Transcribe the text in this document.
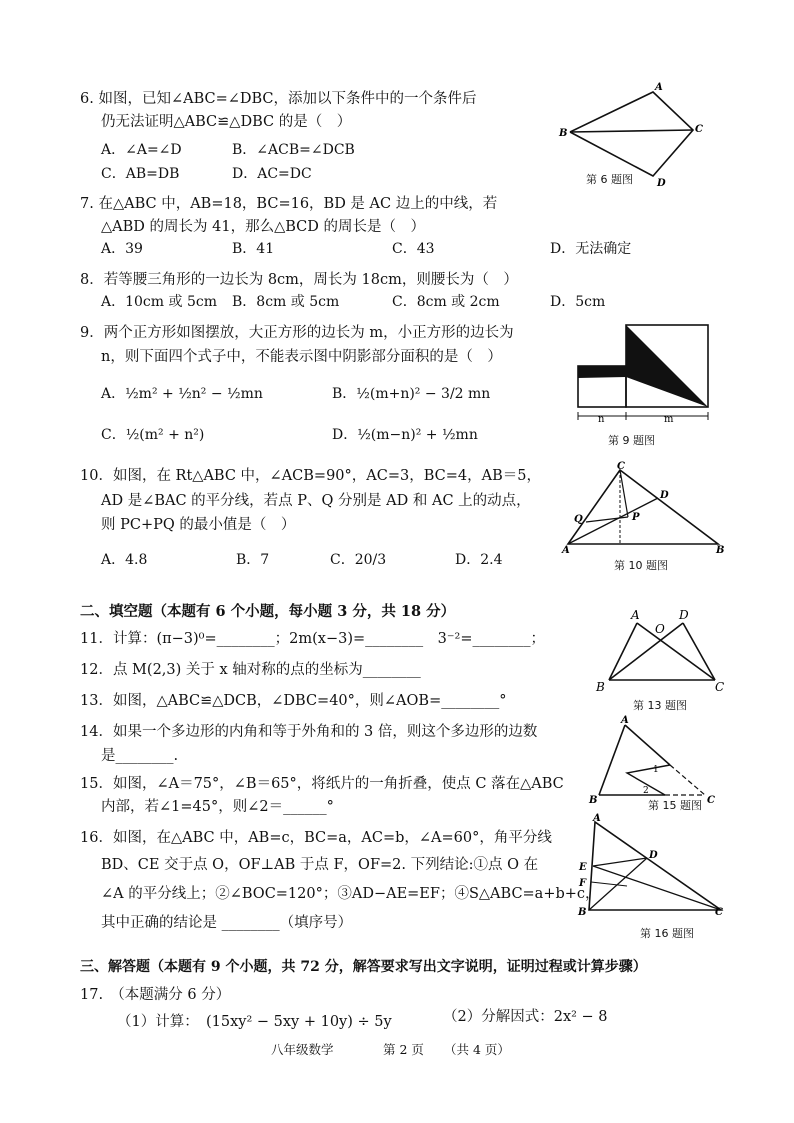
6. 如图，已知∠ABC=∠DBC，添加以下条件中的一个条件后
仍无法证明△ABC≌△DBC 的是（　）
A．∠A=∠D	B．∠ACB=∠DCB
C．AB=DB	D．AC=DC
A
B	C
D
第 6 题图
7. 在△ABC 中，AB=18，BC=16，BD 是 AC 边上的中线，若
△ABD 的周长为 41，那么△BCD 的周长是（　）
A．39	B．41	C．43	D．无法确定
8．若等腰三角形的一边长为 8cm，周长为 18cm，则腰长为（　）
A．10cm 或 5cm B．8cm 或 5cm	C．8cm 或 2cm	D．5cm
9．两个正方形如图摆放，大正方形的边长为 m，小正方形的边长为
n，则下面四个式子中，不能表示图中阴影部分面积的是（　）
A．½m² + ½n² − ½mn	B．½(m+n)² − 3/2 mn
C．½(m² + n²)	D．½(m−n)² + ½mn
n	m
第 9 题图
10．如图，在 Rt△ABC 中，∠ACB=90°，AC=3，BC=4，AB＝5，
AD 是∠BAC 的平分线，若点 P、Q 分别是 AD 和 AC 上的动点，
则 PC+PQ 的最小值是（　）
A．4.8	B．7	C．20/3	D．2.4
C
D
Q	P
A	B
第 10 题图
二、填空题（本题有 6 个小题，每小题 3 分，共 18 分）
11．计算：(π−3)⁰=________；2m(x−3)=________　3⁻²=________；
12．点 M(2,3) 关于 x 轴对称的点的坐标为________
13．如图，△ABC≌△DCB，∠DBC=40°，则∠AOB=________°
A
O
D
B	C
第 13 题图
14．如果一个多边形的内角和等于外角和的 3 倍，则这个多边形的边数
是________.
15．如图，∠A＝75°，∠B＝65°，将纸片的一角折叠，使点 C 落在△ABC
内部，若∠1=45°，则∠2＝______°
A
1
2
B	C
第 15 题图
16．如图，在△ABC 中，AB=c，BC=a，AC=b，∠A=60°，角平分线
BD、CE 交于点 O，OF⊥AB 于点 F，OF=2. 下列结论:①点 O 在
∠A 的平分线上；②∠BOC=120°；③AD−AE=EF；④S△ABC=a+b+c，
其中正确的结论是 ________（填序号）
A
E
F
D
B	C
第 16 题图
三、解答题（本题有 9 个小题，共 72 分，解答要求写出文字说明，证明过程或计算步骤）
17.　（本题满分 6 分）
（1）计算：　(15xy² − 5xy + 10y) ÷ 5y	（2）分解因式：2x² − 8
八年级数学	第 2 页 （共 4 页）
